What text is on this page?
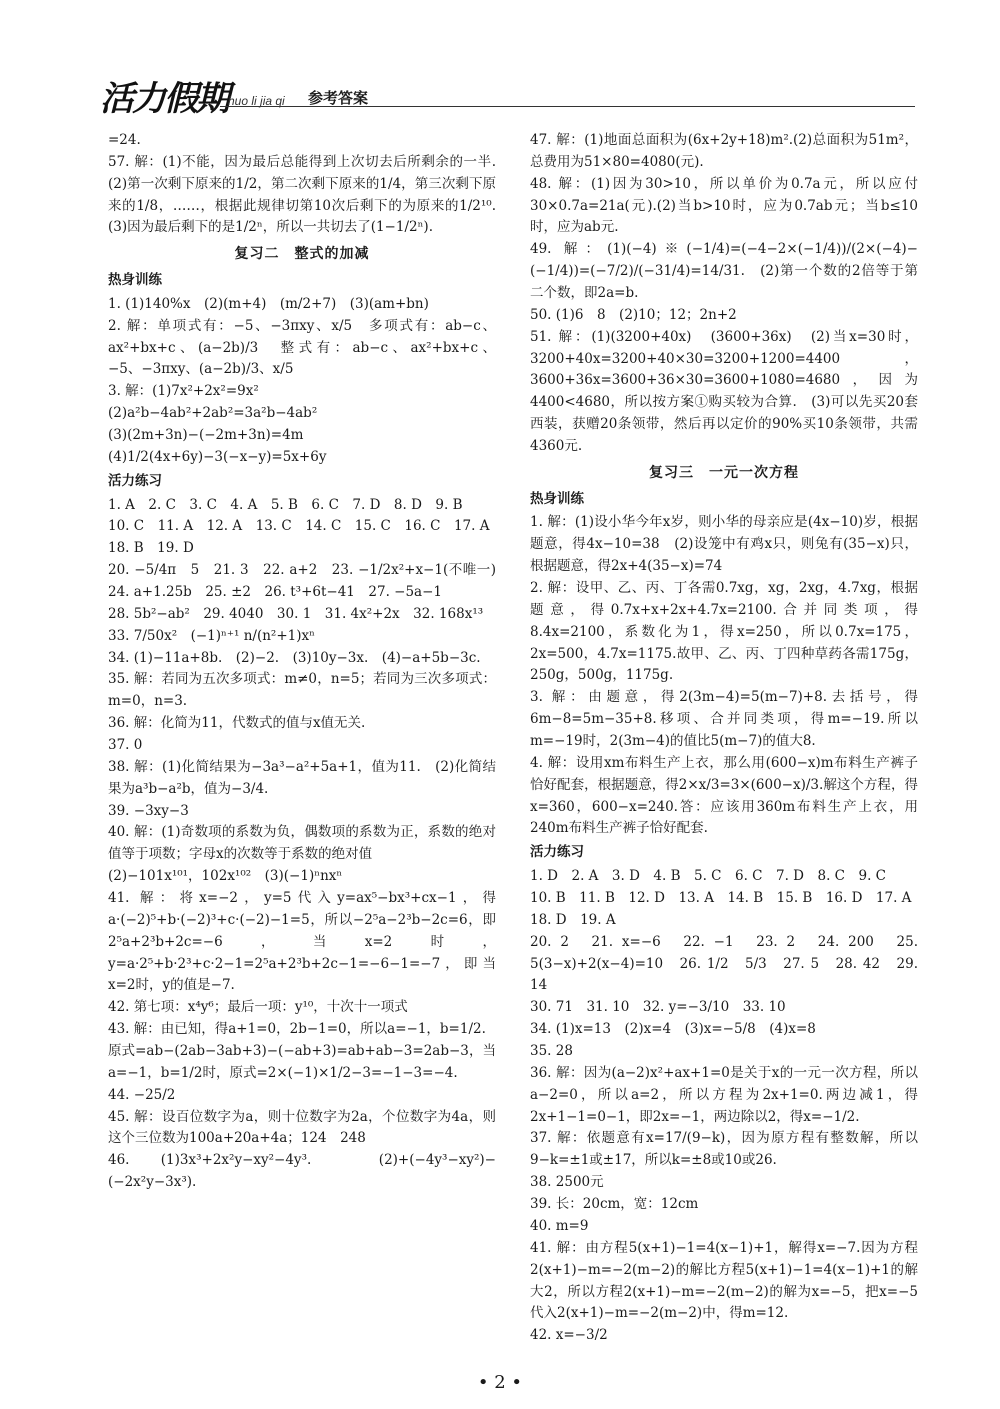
活力假期 huo li jia qi 参考答案
=24.
57. 解：(1)不能，因为最后总能得到上次切去后所剩余的一半.(2)第一次剩下原来的1/2，第二次剩下原来的1/4，第三次剩下原来的1/8，……，根据此规律切第10次后剩下的为原来的1/2¹⁰.(3)因为最后剩下的是1/2ⁿ，所以一共切去了(1−1/2ⁿ).
复习二　整式的加减
热身训练
1. (1)140%x　(2)(m+4)　(m/2+7)　(3)(am+bn)
2. 解：单项式有：−5、−3πxy、x/5　多项式有：ab−c、ax²+bx+c、(a−2b)/3　整式有：ab−c、ax²+bx+c、−5、−3πxy、(a−2b)/3、x/5
3. 解：(1)7x²+2x²=9x²
(2)a²b−4ab²+2ab²=3a²b−4ab²
(3)(2m+3n)−(−2m+3n)=4m
(4)1/2(4x+6y)−3(−x−y)=5x+6y
活力练习
1. A　2. C　3. C　4. A　5. B　6. C　7. D　8. D　9. B
10. C　11. A　12. A　13. C　14. C　15. C　16. C　17. A
18. B　19. D
20. −5/4π　5　21. 3　22. a+2　23. −1/2x²+x−1(不唯一)　24. a+1.25b　25. ±2　26. t³+6t−41　27. −5a−1
28. 5b²−ab²　29. 4040　30. 1　31. 4x²+2x　32. 168x¹³
33. 7/50x²　(−1)ⁿ⁺¹ n/(n²+1)xⁿ
34. (1)−11a+8b.　(2)−2.　(3)10y−3x.　(4)−a+5b−3c.
35. 解：若同为五次多项式：m≠0，n=5；若同为三次多项式：m=0，n=3.
36. 解：化简为11，代数式的值与x值无关.
37. 0
38. 解：(1)化简结果为−3a³−a²+5a+1，值为11.　(2)化简结果为a³b−a²b，值为−3/4.
39. −3xy−3
40. 解：(1)奇数项的系数为负，偶数项的系数为正，系数的绝对值等于项数；字母x的次数等于系数的绝对值
(2)−101x¹⁰¹，102x¹⁰²　(3)(−1)ⁿnxⁿ
41. 解：将x=−2，y=5代入y=ax⁵−bx³+cx−1，得a·(−2)⁵+b·(−2)³+c·(−2)−1=5，所以−2⁵a−2³b−2c=6，即2⁵a+2³b+2c=−6，当x=2时，y=a·2⁵+b·2³+c·2−1=2⁵a+2³b+2c−1=−6−1=−7，即当x=2时，y的值是−7.
42. 第七项：x⁴y⁶；最后一项：y¹⁰，十次十一项式
43. 解：由已知，得a+1=0，2b−1=0，所以a=−1，b=1/2.
原式=ab−(2ab−3ab+3)−(−ab+3)=ab+ab−3=2ab−3，当a=−1，b=1/2时，原式=2×(−1)×1/2−3=−1−3=−4.
44. −25/2
45. 解：设百位数字为a，则十位数字为2a，个位数字为4a，则这个三位数为100a+20a+4a；124　248
46. (1)3x³+2x²y−xy²−4y³.　(2)+(−4y³−xy²)−(−2x²y−3x³).
47. 解：(1)地面总面积为(6x+2y+18)m².(2)总面积为51m²，总费用为51×80=4080(元).
48. 解：(1)因为30>10，所以单价为0.7a元，所以应付30×0.7a=21a(元).(2)当b>10时，应为0.7ab元；当b≤10时，应为ab元.
49. 解：(1)(−4)※(−1/4)=(−4−2×(−1/4))/(2×(−4)−(−1/4))=(−7/2)/(−31/4)=14/31.　(2)第一个数的2倍等于第二个数，即2a=b.
50. (1)6　8　(2)10；12；2n+2
51. 解：(1)(3200+40x)　(3600+36x)　(2)当x=30时，3200+40x=3200+40×30=3200+1200=4400，3600+36x=3600+36×30=3600+1080=4680，因为4400<4680，所以按方案①购买较为合算.　(3)可以先买20套西装，获赠20条领带，然后再以定价的90%买10条领带，共需4360元.
复习三　一元一次方程
热身训练
1. 解：(1)设小华今年x岁，则小华的母亲应是(4x−10)岁，根据题意，得4x−10=38　(2)设笼中有鸡x只，则兔有(35−x)只，根据题意，得2x+4(35−x)=74
2. 解：设甲、乙、丙、丁各需0.7xg，xg，2xg，4.7xg，根据题意，得0.7x+x+2x+4.7x=2100.合并同类项，得8.4x=2100，系数化为1，得x=250，所以0.7x=175，2x=500，4.7x=1175.故甲、乙、丙、丁四种草药各需175g，250g，500g，1175g.
3. 解：由题意，得2(3m−4)=5(m−7)+8.去括号，得6m−8=5m−35+8.移项、合并同类项，得m=−19.所以m=−19时，2(3m−4)的值比5(m−7)的值大8.
4. 解：设用xm布料生产上衣，那么用(600−x)m布料生产裤子恰好配套，根据题意，得2×x/3=3×(600−x)/3.解这个方程，得x=360，600−x=240.答：应该用360m布料生产上衣，用240m布料生产裤子恰好配套.
活力练习
1. D　2. A　3. D　4. B　5. C　6. C　7. D　8. C　9. C
10. B　11. B　12. D　13. A　14. B　15. B　16. D　17. A
18. D　19. A
20. 2　21. x=−6　22. −1　23. 2　24. 200　25. 5(3−x)+2(x−4)=10　26. 1/2　5/3　27. 5　28. 42　29. 14
30. 71　31. 10　32. y=−3/10　33. 10
34. (1)x=13　(2)x=4　(3)x=−5/8　(4)x=8
35. 28
36. 解：因为(a−2)x²+ax+1=0是关于x的一元一次方程，所以a−2=0，所以a=2，所以方程为2x+1=0.两边减1，得2x+1−1=0−1，即2x=−1，两边除以2，得x=−1/2.
37. 解：依题意有x=17/(9−k)，因为原方程有整数解，所以9−k=±1或±17，所以k=±8或10或26.
38. 2500元
39. 长：20cm，宽：12cm
40. m=9
41. 解：由方程5(x+1)−1=4(x−1)+1，解得x=−7.因为方程2(x+1)−m=−2(m−2)的解比方程5(x+1)−1=4(x−1)+1的解大2，所以方程2(x+1)−m=−2(m−2)的解为x=−5，把x=−5代入2(x+1)−m=−2(m−2)中，得m=12.
42. x=−3/2
• 2 •
